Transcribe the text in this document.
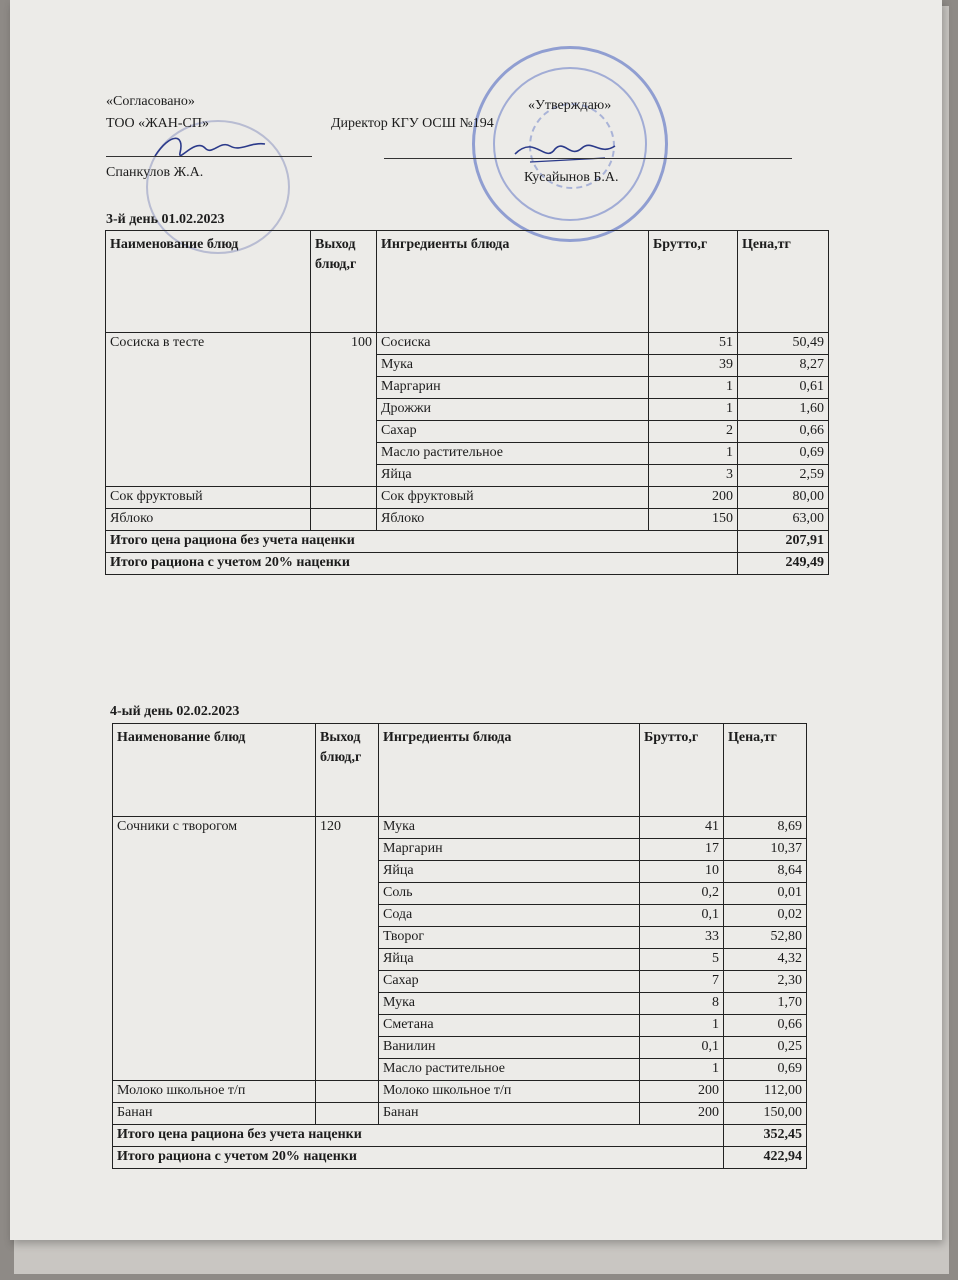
«Согласовано»
ТОО «ЖАН-СП»	Директор КГУ ОСШ №194
«Утверждаю»
Спанкулов Ж.А.	Кусайынов Б.А.
3-й день 01.02.2023
Наименование блюд	Выход блюд,г	Ингредиенты блюда	Брутто,г	Цена,тг
Сосиска в тесте	100	Сосиска	51	50,49
		Мука	39	8,27
		Маргарин	1	0,61
		Дрожжи	1	1,60
		Сахар	2	0,66
		Масло растительное	1	0,69
		Яйца	3	2,59
Сок фруктовый		Сок фруктовый	200	80,00
Яблоко		Яблоко	150	63,00
Итого цена рациона без учета наценки				207,91
Итого рациона с учетом 20% наценки				249,49
4-ый день 02.02.2023
Наименование блюд	Выход блюд,г	Ингредиенты блюда	Брутто,г	Цена,тг
Сочники с творогом	120	Мука	41	8,69
		Маргарин	17	10,37
		Яйца	10	8,64
		Соль	0,2	0,01
		Сода	0,1	0,02
		Творог	33	52,80
		Яйца	5	4,32
		Сахар	7	2,30
		Мука	8	1,70
		Сметана	1	0,66
		Ванилин	0,1	0,25
		Масло растительное	1	0,69
Молоко школьное т/п		Молоко школьное т/п	200	112,00
Банан		Банан	200	150,00
Итого цена рациона без учета наценки				352,45
Итого рациона с учетом 20% наценки				422,94
